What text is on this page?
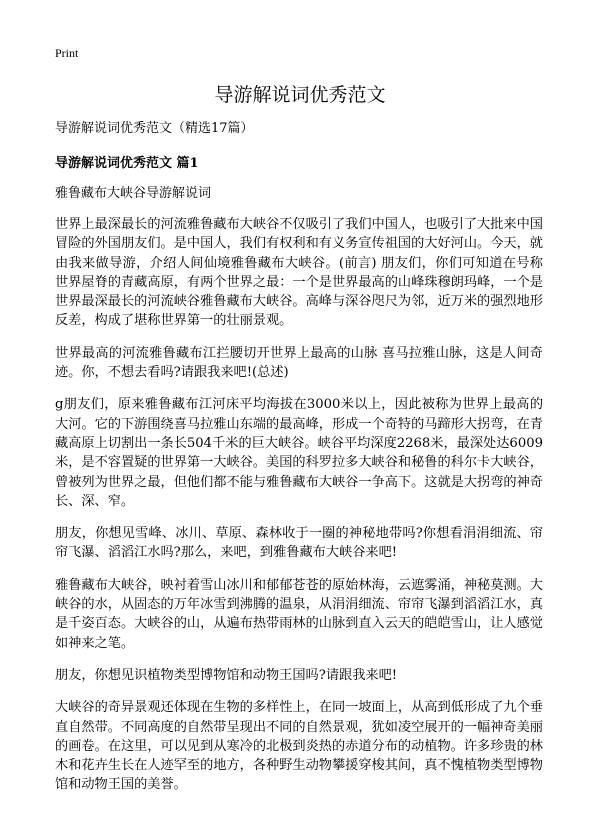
Print
导游解说词优秀范文
导游解说词优秀范文（精选17篇）
导游解说词优秀范文 篇1
雅鲁藏布大峡谷导游解说词

世界上最深最长的河流雅鲁藏布大峡谷不仅吸引了我们中国人，也吸引了大批来中国冒险的外国朋友们。是中国人，我们有权利和有义务宣传祖国的大好河山。今天，就由我来做导游，介绍人间仙境雅鲁藏布大峡谷。(前言) 朋友们，你们可知道在号称世界屋脊的青藏高原，有两个世界之最：一个是世界最高的山峰珠穆朗玛峰，一个是世界最深最长的河流峡谷雅鲁藏布大峡谷。高峰与深谷咫尺为邻，近万米的强烈地形反差，构成了堪称世界第一的壮丽景观。

世界最高的河流雅鲁藏布江拦腰切开世界上最高的山脉 喜马拉雅山脉，这是人间奇迹。你，不想去看吗?请跟我来吧!(总述)

g朋友们，原来雅鲁藏布江河床平均海拔在3000米以上，因此被称为世界上最高的大河。它的下游围绕喜马拉雅山东端的最高峰，形成一个奇特的马蹄形大拐弯，在青藏高原上切割出一条长504千米的巨大峡谷。峡谷平均深度2268米，最深处达6009米，是不容置疑的世界第一大峡谷。美国的科罗拉多大峡谷和秘鲁的科尔卡大峡谷，曾被列为世界之最，但他们都不能与雅鲁藏布大峡谷一争高下。这就是大拐弯的神奇长、深、窄。

朋友，你想见雪峰、冰川、草原、森林收于一圈的神秘地带吗?你想看涓涓细流、帘帘飞瀑、滔滔江水吗?那么，来吧，到雅鲁藏布大峡谷来吧!

雅鲁藏布大峡谷，映衬着雪山冰川和郁郁苍苍的原始林海，云遮雾涌，神秘莫测。大峡谷的水，从固态的万年冰雪到沸腾的温泉，从涓涓细流、帘帘飞瀑到滔滔江水，真是千姿百态。大峡谷的山，从遍布热带雨林的山脉到直入云天的皑皑雪山，让人感觉如神来之笔。

朋友，你想见识植物类型博物馆和动物王国吗?请跟我来吧!

大峡谷的奇异景观还体现在生物的多样性上，在同一坡面上，从高到低形成了九个垂直自然带。不同高度的自然带呈现出不同的自然景观，犹如凌空展开的一幅神奇美丽的画卷。在这里，可以见到从寒冷的北极到炎热的赤道分布的动植物。许多珍贵的林木和花卉生长在人迹罕至的地方，各种野生动物攀援穿梭其间，真不愧植物类型博物馆和动物王国的美誉。
